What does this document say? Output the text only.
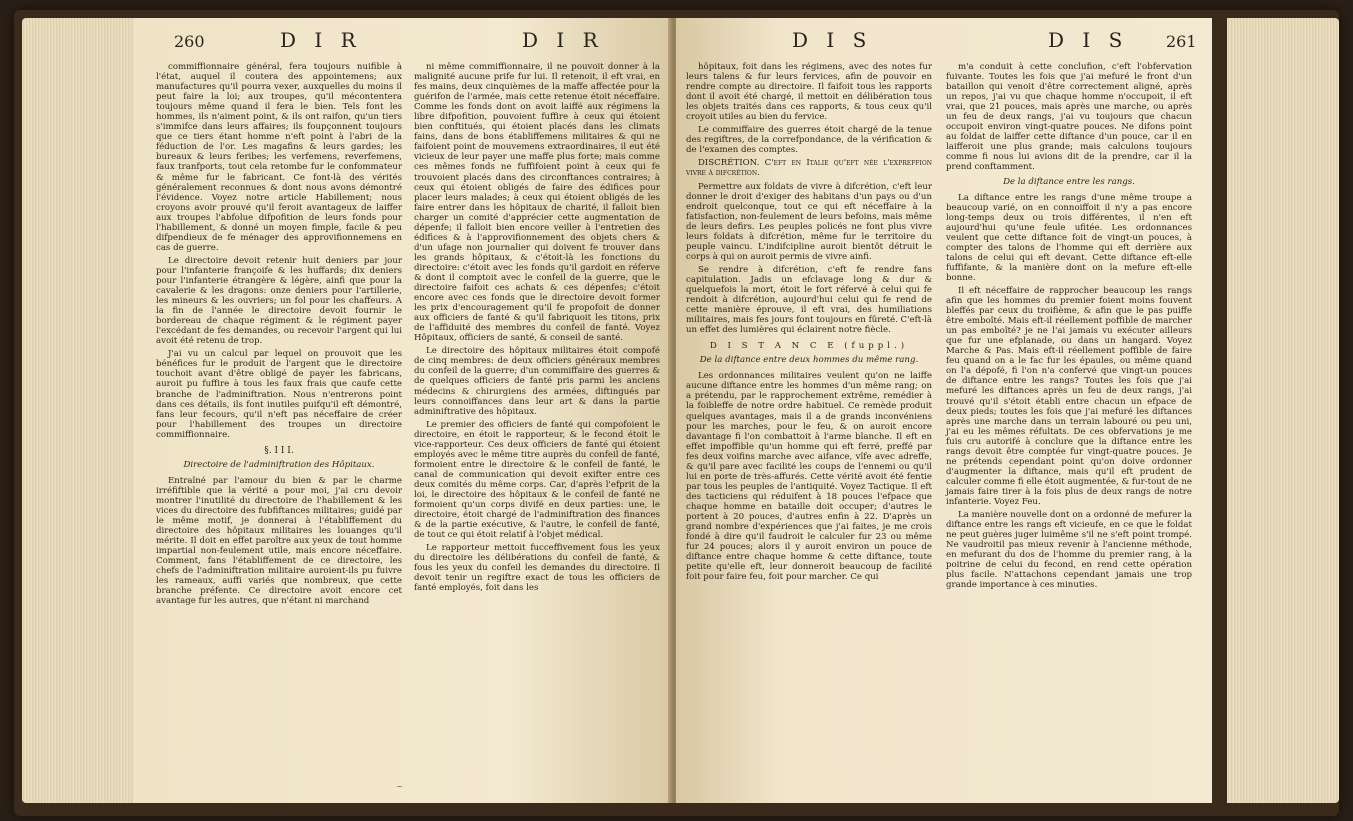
260	D I R	D I R

commiffionnaire général, fera toujours nuifible à l'état, auquel il coutera des appointemens; aux manufactures qu'il pourra vexer, auxquelles du moins il peut faire la loi; aux troupes, qu'il mécontentera toujours même quand il fera le bien. Tels font les hommes, ils n'aiment point, & ils ont raifon, qu'un tiers s'immifce dans leurs affaires; ils foupçonnent toujours que ce tiers étant homme n'eft point à l'abri de la féduction de l'or. Les magafins & leurs gardes; les bureaux & leurs feribes; les verfemens, reverfemens, faux tranfports, tout cela retombe fur le confommateur & même fur le fabricant. Ce font-là des vérités généralement reconnues & dont nous avons démontré l'évidence. Voyez notre article Habillement; nous croyons avoir prouvé qu'il feroit avantageux de laiffer aux troupes l'abfolue difpofition de leurs fonds pour l'habillement, & donné un moyen fimple, facile & peu difpendieux de fe ménager des approvifionnemens en cas de guerre.

Le directoire devoit retenir huit deniers par jour pour l'infanterie françoife & les huffards; dix deniers pour l'infanterie étrangère & légère, ainfi que pour la cavalerie & les dragons: onze deniers pour l'artillerie, les mineurs & les ouvriers; un fol pour les chaffeurs. A la fin de l'année le directoire devoit fournir le bordereau de chaque régiment & le régiment payer l'excédant de fes demandes, ou recevoir l'argent qui lui avoit été retenu de trop.

J'ai vu un calcul par lequel on prouvoit que les bénéfices fur le produit de l'argent que le directoire touchoit avant d'être obligé de payer les fabricans, auroit pu fuffire à tous les faux frais que caufe cette branche de l'adminiftration. Nous n'entrerons point dans ces détails, ils font inutiles puifqu'il eft démontré, fans leur fecours, qu'il n'eft pas néceffaire de créer pour l'habillement des troupes un directoire commiffionnaire.

§. I I I.

Directoire de l'adminiftration des Hôpitaux.

Entraîné par l'amour du bien & par le charme irréfiftible que la vérité a pour moi, j'ai cru devoir montrer l'inutilité du directoire de l'habillement & les vices du directoire des fubfiftances militaires; guidé par le même motif, je donnerai à l'établiffement du directoire des hôpitaux militaires les louanges qu'il mérite. Il doit en effet paroître aux yeux de tout homme impartial non-feulement utile, mais encore néceffaire. Comment, fans l'établiffement de ce directoire, les chefs de l'adminiftration militaire auroient-ils pu fuivre les rameaux, auffi variés que nombreux, que cette branche préfente. Ce directoire avoit encore cet avantage fur les autres, que n'étant ni marchand

ni même commiffionnaire, il ne pouvoit donner à la malignité aucune prife fur lui. Il retenoit, il eft vrai, en fes mains, deux cinquièmes de la maffe affectée pour la guérifon de l'armée, mais cette retenue étoit néceffaire. Comme les fonds dont on avoit laiffé aux régimens la libre difpofition, pouvoient fuffire à ceux qui étoient bien conftitués, qui étoient placés dans les climats fains, dans de bons établiffemens militaires & qui ne faifoient point de mouvemens extraordinaires, il eut été vicieux de leur payer une maffe plus forte; mais comme ces mêmes fonds ne fuffifoient point à ceux qui fe trouvoient placés dans des circonftances contraires; à ceux qui étoient obligés de faire des édifices pour placer leurs malades; à ceux qui étoient obligés de les faire entrer dans les hôpitaux de charité, il falloit bien charger un comité d'apprécier cette augmentation de dépenfe; il falloit bien encore veiller à l'entretien des édifices & à l'approvifionnement des objets chers & d'un ufage non journalier qui doivent fe trouver dans les grands hôpitaux, & c'étoit-là les fonctions du directoire: c'étoit avec les fonds qu'il gardoit en réferve & dont il comptoit avec le confeil de la guerre, que le directoire faifoit ces achats & ces dépenfes; c'étoit encore avec ces fonds que le directoire devoit former les prix d'encouragement qu'il fe propofoit de donner aux officiers de fanté & qu'il fabriquoit les titons, prix de l'affiduité des membres du confeil de fanté. Voyez Hôpitaux, officiers de santé, & conseil de santé.

Le directoire des hôpitaux militaires étoit compofé de cinq membres: de deux officiers généraux membres du confeil de la guerre; d'un commiffaire des guerres & de quelques officiers de fanté pris parmi les anciens médecins & chirurgiens des armées, diftingués par leurs connoiffances dans leur art & dans la partie adminiftrative des hôpitaux.

Le premier des officiers de fanté qui compofoient le directoire, en étoit le rapporteur, & le fecond étoit le vice-rapporteur. Ces deux officiers de fanté qui étoient employés avec le même titre auprès du confeil de fanté, formoient entre le directoire & le confeil de fanté, le canal de communication qui devoit exifter entre ces deux comités du même corps. Car, d'après l'efprit de la loi, le directoire des hôpitaux & le confeil de fanté ne formoient qu'un corps divifé en deux parties: une, le directoire, étoit chargé de l'adminiftration des finances & de la partie exécutive, & l'autre, le confeil de fanté, de tout ce qui étoit relatif à l'objet médical.

Le rapporteur mettoit fucceffivement fous les yeux du directoire les délibérations du confeil de fanté, & fous les yeux du confeil les demandes du directoire. Il devoit tenir un regiftre exact de tous les officiers de fanté employés, foit dans les

~
D I S	D I S 261

hôpitaux, foit dans les régimens, avec des notes fur leurs talens & fur leurs fervices, afin de pouvoir en rendre compte au directoire. Il faifoit tous les rapports dont il avoit été chargé, il mettoit en délibération tous les objets traités dans ces rapports, & tous ceux qu'il croyoit utiles au bien du fervice.

Le commiffaire des guerres étoit chargé de la tenue des regiftres, de la correfpondance, de la vérification & de l'examen des comptes.

DISCRÉTION. C'eft en Italie qu'eft née l'expreffion vivre à difcrétion.

Permettre aux foldats de vivre à difcrétion, c'eft leur donner le droit d'exiger des habitans d'un pays ou d'un endroit quelconque, tout ce qui eft néceffaire à la fatisfaction, non-feulement de leurs befoins, mais même de leurs defirs. Les peuples policés ne font plus vivre leurs foldats à difcrétion, même fur le territoire du peuple vaincu. L'indifcipline auroit bientôt détruit le corps à qui on auroit permis de vivre ainfi.

Se rendre à difcrétion, c'eft fe rendre fans capitulation. Jadis un efclavage long & dur & quelquefois la mort, étoit le fort réfervé à celui qui fe rendoit à difcrétion, aujourd'hui celui qui fe rend de cette manière éprouve, il eft vrai, des humiliations militaires, mais fes jours font toujours en fûreté. C'eft-là un effet des lumières qui éclairent notre fiècle.

D I S T A N C E (fuppl.)

De la diftance entre deux hommes du même rang.

Les ordonnances militaires veulent qu'on ne laiffe aucune diftance entre les hommes d'un même rang; on a prétendu, par le rapprochement extrême, remédier à la foibleffe de notre ordre habituel. Ce remède produit quelques avantages, mais il a de grands inconvéniens pour les marches, pour le feu, & on auroit encore davantage fi l'on combattoit à l'arme blanche. Il eft en effet impoffible qu'un homme qui eft ferré, preffé par fes deux voifins marche avec aifance, vîfe avec adreffe, & qu'il pare avec facilité les coups de l'ennemi ou qu'il lui en porte de très-affurés. Cette vérité avoit été fentie par tous les peuples de l'antiquité. Voyez Tactique. Il eft des tacticiens qui réduifent à 18 pouces l'efpace que chaque homme en bataille doit occuper; d'autres le portent à 20 pouces, d'autres enfin à 22. D'après un grand nombre d'expériences que j'ai faites, je me crois fondé à dire qu'il faudroit le calculer fur 23 ou même fur 24 pouces; alors il y auroit environ un pouce de diftance entre chaque homme & cette diftance, toute petite qu'elle eft, leur donneroit beaucoup de facilité foit pour faire feu, foit pour marcher. Ce qui

m'a conduit à cette conclufion, c'eft l'obfervation fuivante. Toutes les fois que j'ai mefuré le front d'un bataillon qui venoit d'être correctement aligné, après un repos, j'ai vu que chaque homme n'occupoit, il eft vrai, que 21 pouces, mais après une marche, ou après un feu de deux rangs, j'ai vu toujours que chacun occupoit environ vingt-quatre pouces. Ne difons point au foldat de laiffer cette diftance d'un pouce, car il en laifferoit une plus grande; mais calculons toujours comme fi nous lui avions dit de la prendre, car il la prend conftamment.

De la diftance entre les rangs.

La diftance entre les rangs d'une même troupe a beaucoup varié, on en connoiffoit il n'y a pas encore long-temps deux ou trois différentes, il n'en eft aujourd'hui qu'une feule ufitée. Les ordonnances veulent que cette diftance foit de vingt-un pouces, à compter des talons de l'homme qui eft derrière aux talons de celui qui eft devant. Cette diftance eft-elle fuffifante, & la manière dont on la mefure eft-elle bonne.

Il eft néceffaire de rapprocher beaucoup les rangs afin que les hommes du premier foient moins fouvent bleffés par ceux du troifième, & afin que le pas puiffe être emboîté. Mais eft-il réellement poffible de marcher un pas emboîté? je ne l'ai jamais vu exécuter ailleurs que fur une efplanade, ou dans un hangard. Voyez Marche & Pas. Mais eft-il réellement poffible de faire feu quand on a le fac fur les épaules, ou même quand on l'a dépofé, fi l'on n'a confervé que vingt-un pouces de diftance entre les rangs? Toutes les fois que j'ai mefuré les diftances après un feu de deux rangs, j'ai trouvé qu'il s'étoit établi entre chacun un efpace de deux pieds; toutes les fois que j'ai mefuré les diftances après une marche dans un terrain labouré ou peu uni, j'ai eu les mêmes réfultats. De ces obfervations je me fuis cru autorifé à conclure que la diftance entre les rangs devoit être comptée fur vingt-quatre pouces. Je ne prétends cependant point qu'on doive ordonner d'augmenter la diftance, mais qu'il eft prudent de calculer comme fi elle étoit augmentée, & fur-tout de ne jamais faire tirer à la fois plus de deux rangs de notre infanterie. Voyez Feu.

La manière nouvelle dont on a ordonné de mefurer la diftance entre les rangs eft vicieufe, en ce que le foldat ne peut guères juger luimême s'il ne s'eft point trompé. Ne vaudroitil pas mieux revenir à l'ancienne méthode, en mefurant du dos de l'homme du premier rang, à la poitrine de celui du fecond, en rend cette opération plus facile. N'attachons cependant jamais une trop grande importance à ces minuties.
